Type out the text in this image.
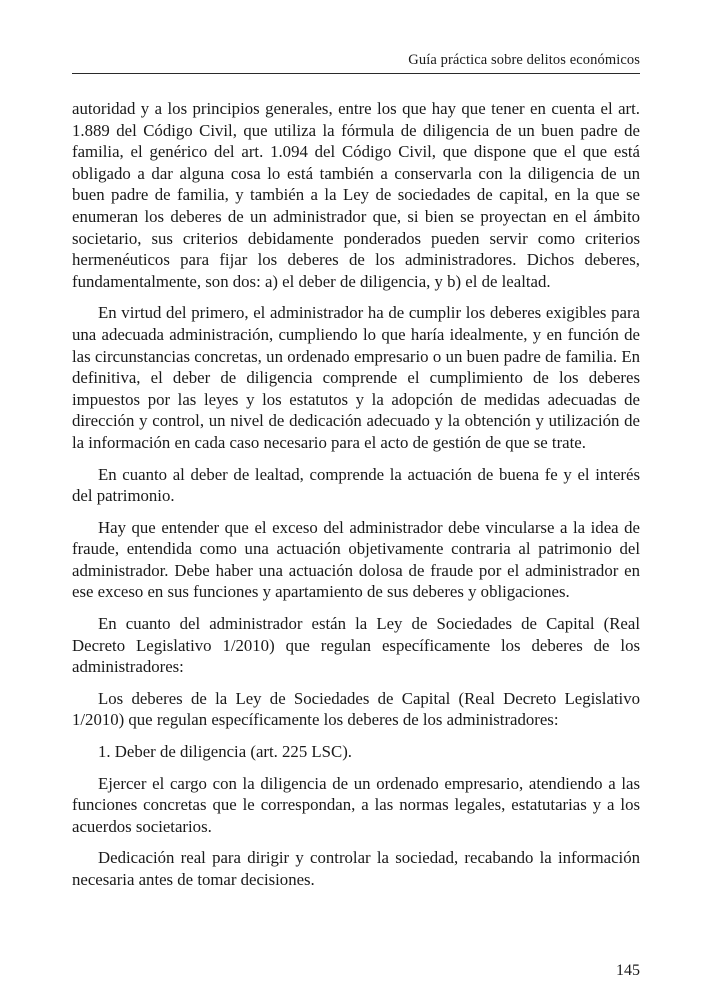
Guía práctica sobre delitos económicos

autoridad y a los principios generales, entre los que hay que tener en cuenta el art. 1.889 del Código Civil, que utiliza la fórmula de diligencia de un buen padre de familia, el genérico del art. 1.094 del Código Civil, que dispone que el que está obligado a dar alguna cosa lo está también a conservarla con la diligencia de un buen padre de familia, y también a la Ley de sociedades de capital, en la que se enumeran los deberes de un administrador que, si bien se proyectan en el ámbito societario, sus criterios debidamente ponderados pueden servir como criterios hermenéuticos para fijar los deberes de los administradores. Dichos deberes, fundamentalmente, son dos: a) el deber de diligencia, y b) el de lealtad.

En virtud del primero, el administrador ha de cumplir los deberes exigibles para una adecuada administración, cumpliendo lo que haría idealmente, y en función de las circunstancias concretas, un ordenado empresario o un buen padre de familia. En definitiva, el deber de diligencia comprende el cumplimiento de los deberes impuestos por las leyes y los estatutos y la adopción de medidas adecuadas de dirección y control, un nivel de dedicación adecuado y la obtención y utilización de la información en cada caso necesario para el acto de gestión de que se trate.

En cuanto al deber de lealtad, comprende la actuación de buena fe y el interés del patrimonio.

Hay que entender que el exceso del administrador debe vincularse a la idea de fraude, entendida como una actuación objetivamente contraria al patrimonio del administrador. Debe haber una actuación dolosa de fraude por el administrador en ese exceso en sus funciones y apartamiento de sus deberes y obligaciones.

En cuanto del administrador están la Ley de Sociedades de Capital (Real Decreto Legislativo 1/2010) que regulan específicamente los deberes de los administradores:

Los deberes de la Ley de Sociedades de Capital (Real Decreto Legislativo 1/2010) que regulan específicamente los deberes de los administradores:

1. Deber de diligencia (art. 225 LSC).

Ejercer el cargo con la diligencia de un ordenado empresario, atendiendo a las funciones concretas que le correspondan, a las normas legales, estatutarias y a los acuerdos societarios.

Dedicación real para dirigir y controlar la sociedad, recabando la información necesaria antes de tomar decisiones.

145
